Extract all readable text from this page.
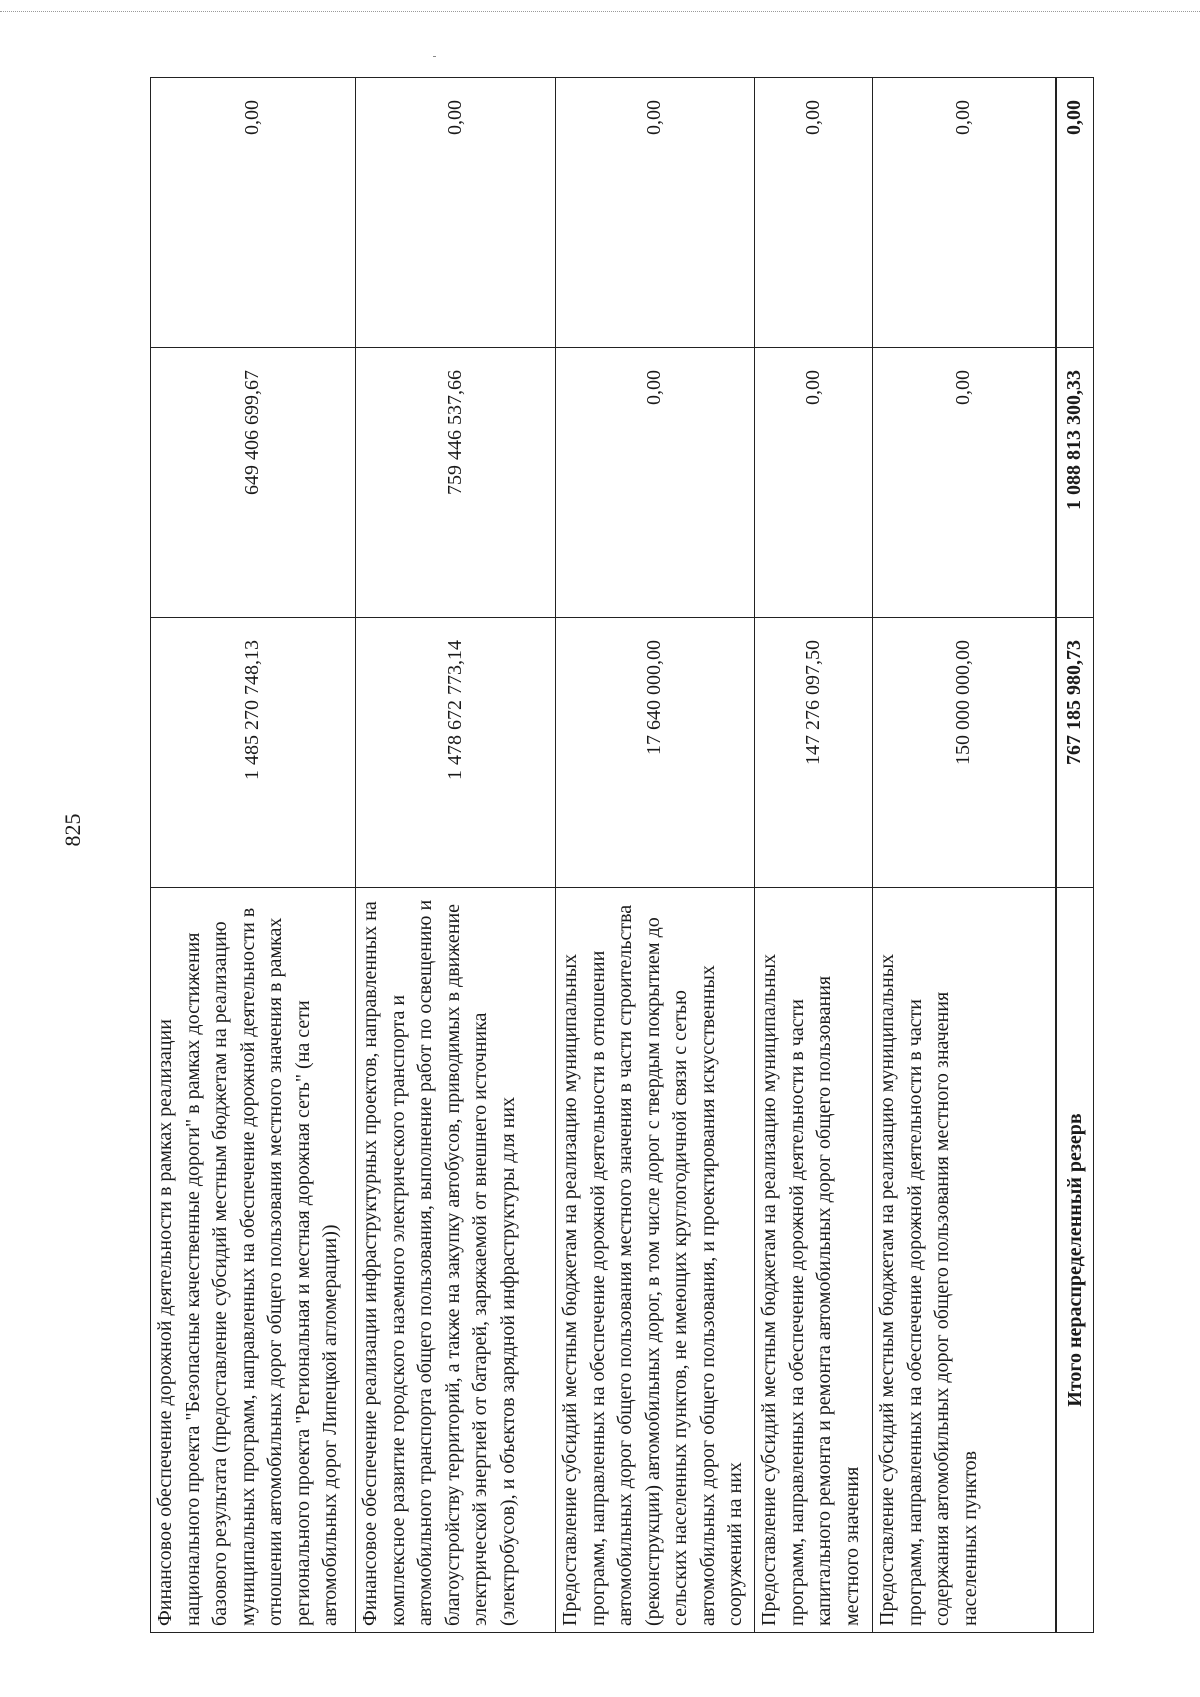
825
Финансовое обеспечение дорожной деятельности в рамках реализации национального проекта "Безопасные качественные дороги" в рамках достижения базового результата (предоставление субсидий местным бюджетам на реализацию муниципальных программ, направленных на обеспечение дорожной деятельности в отношении автомобильных дорог общего пользования местного значения в рамках регионального проекта "Региональная и местная дорожная сеть" (на сети автомобильных дорог Липецкой агломерации))	1 485 270 748,13	649 406 699,67	0,00
Финансовое обеспечение реализации инфраструктурных проектов, направленных на комплексное развитие городского наземного электрического транспорта и автомобильного транспорта общего пользования, выполнение работ по освещению и благоустройству территорий, а также на закупку автобусов, приводимых в движение электрической энергией от батарей, заряжаемой от внешнего источника (электробусов), и объектов зарядной инфраструктуры для них	1 478 672 773,14	759 446 537,66	0,00
Предоставление субсидий местным бюджетам на реализацию муниципальных программ, направленных на обеспечение дорожной деятельности в отношении автомобильных дорог общего пользования местного значения в части строительства (реконструкции) автомобильных дорог, в том числе дорог с твердым покрытием до сельских населенных пунктов, не имеющих круглогодичной связи с сетью автомобильных дорог общего пользования, и проектирования искусственных сооружений на них	17 640 000,00	0,00	0,00
Предоставление субсидий местным бюджетам на реализацию муниципальных программ, направленных на обеспечение дорожной деятельности в части капитального ремонта и ремонта автомобильных дорог общего пользования местного значения	147 276 097,50	0,00	0,00
Предоставление субсидий местным бюджетам на реализацию муниципальных программ, направленных на обеспечение дорожной деятельности в части содержания автомобильных дорог общего пользования местного значения населенных пунктов	150 000 000,00	0,00	0,00
Итого нераспределенный резерв	767 185 980,73	1 088 813 300,33	0,00
